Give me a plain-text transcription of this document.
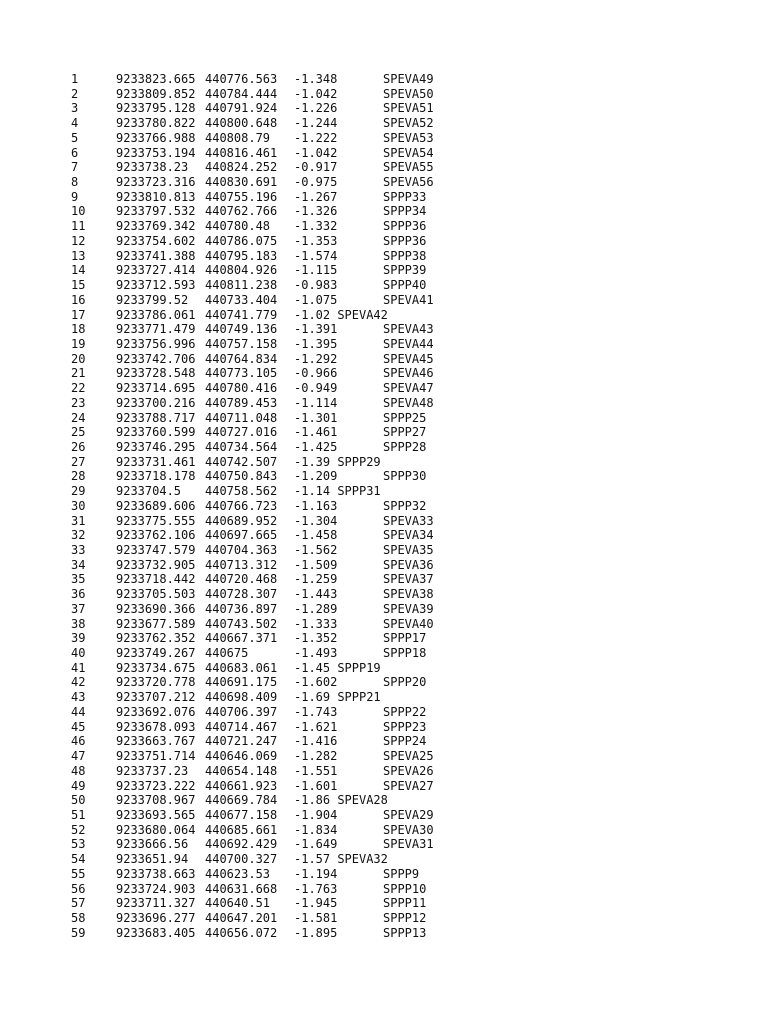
1	9233823.665 440776.563 -1.348	SPEVA49
2	9233809.852 440784.444 -1.042	SPEVA50
3	9233795.128 440791.924 -1.226	SPEVA51
4	9233780.822 440800.648 -1.244	SPEVA52
5	9233766.988 440808.79 -1.222	SPEVA53
6	9233753.194 440816.461 -1.042	SPEVA54
7	9233738.23 440824.252 -0.917	SPEVA55
8	9233723.316 440830.691 -0.975	SPEVA56
9	9233810.813 440755.196 -1.267	SPPP33
10	9233797.532 440762.766 -1.326	SPPP34
11	9233769.342 440780.48 -1.332	SPPP36
12	9233754.602 440786.075 -1.353	SPPP36
13	9233741.388 440795.183 -1.574	SPPP38
14	9233727.414 440804.926 -1.115	SPPP39
15	9233712.593 440811.238 -0.983	SPPP40
16	9233799.52 440733.404 -1.075	SPEVA41
17	9233786.061 440741.779 -1.02 SPEVA42
18	9233771.479 440749.136 -1.391	SPEVA43
19	9233756.996 440757.158 -1.395	SPEVA44
20	9233742.706 440764.834 -1.292	SPEVA45
21	9233728.548 440773.105 -0.966	SPEVA46
22	9233714.695 440780.416 -0.949	SPEVA47
23	9233700.216 440789.453 -1.114	SPEVA48
24	9233788.717 440711.048 -1.301	SPPP25
25	9233760.599 440727.016 -1.461	SPPP27
26	9233746.295 440734.564 -1.425	SPPP28
27	9233731.461 440742.507 -1.39 SPPP29
28	9233718.178 440750.843 -1.209	SPPP30
29	9233704.5 440758.562 -1.14 SPPP31
30	9233689.606 440766.723 -1.163	SPPP32
31	9233775.555 440689.952 -1.304	SPEVA33
32	9233762.106 440697.665 -1.458	SPEVA34
33	9233747.579 440704.363 -1.562	SPEVA35
34	9233732.905 440713.312 -1.509	SPEVA36
35	9233718.442 440720.468 -1.259	SPEVA37
36	9233705.503 440728.307 -1.443	SPEVA38
37	9233690.366 440736.897 -1.289	SPEVA39
38	9233677.589 440743.502 -1.333	SPEVA40
39	9233762.352 440667.371 -1.352	SPPP17
40	9233749.267 440675	-1.493	SPPP18
41	9233734.675 440683.061 -1.45 SPPP19
42	9233720.778 440691.175 -1.602	SPPP20
43	9233707.212 440698.409 -1.69 SPPP21
44	9233692.076 440706.397 -1.743	SPPP22
45	9233678.093 440714.467 -1.621	SPPP23
46	9233663.767 440721.247 -1.416	SPPP24
47	9233751.714 440646.069 -1.282	SPEVA25
48	9233737.23 440654.148 -1.551	SPEVA26
49	9233723.222 440661.923 -1.601	SPEVA27
50	9233708.967 440669.784 -1.86 SPEVA28
51	9233693.565 440677.158 -1.904	SPEVA29
52	9233680.064 440685.661 -1.834	SPEVA30
53	9233666.56 440692.429 -1.649	SPEVA31
54	9233651.94 440700.327 -1.57 SPEVA32
55	9233738.663 440623.53 -1.194	SPPP9
56	9233724.903 440631.668 -1.763	SPPP10
57	9233711.327 440640.51 -1.945	SPPP11
58	9233696.277 440647.201 -1.581	SPPP12
59	9233683.405 440656.072 -1.895	SPPP13
